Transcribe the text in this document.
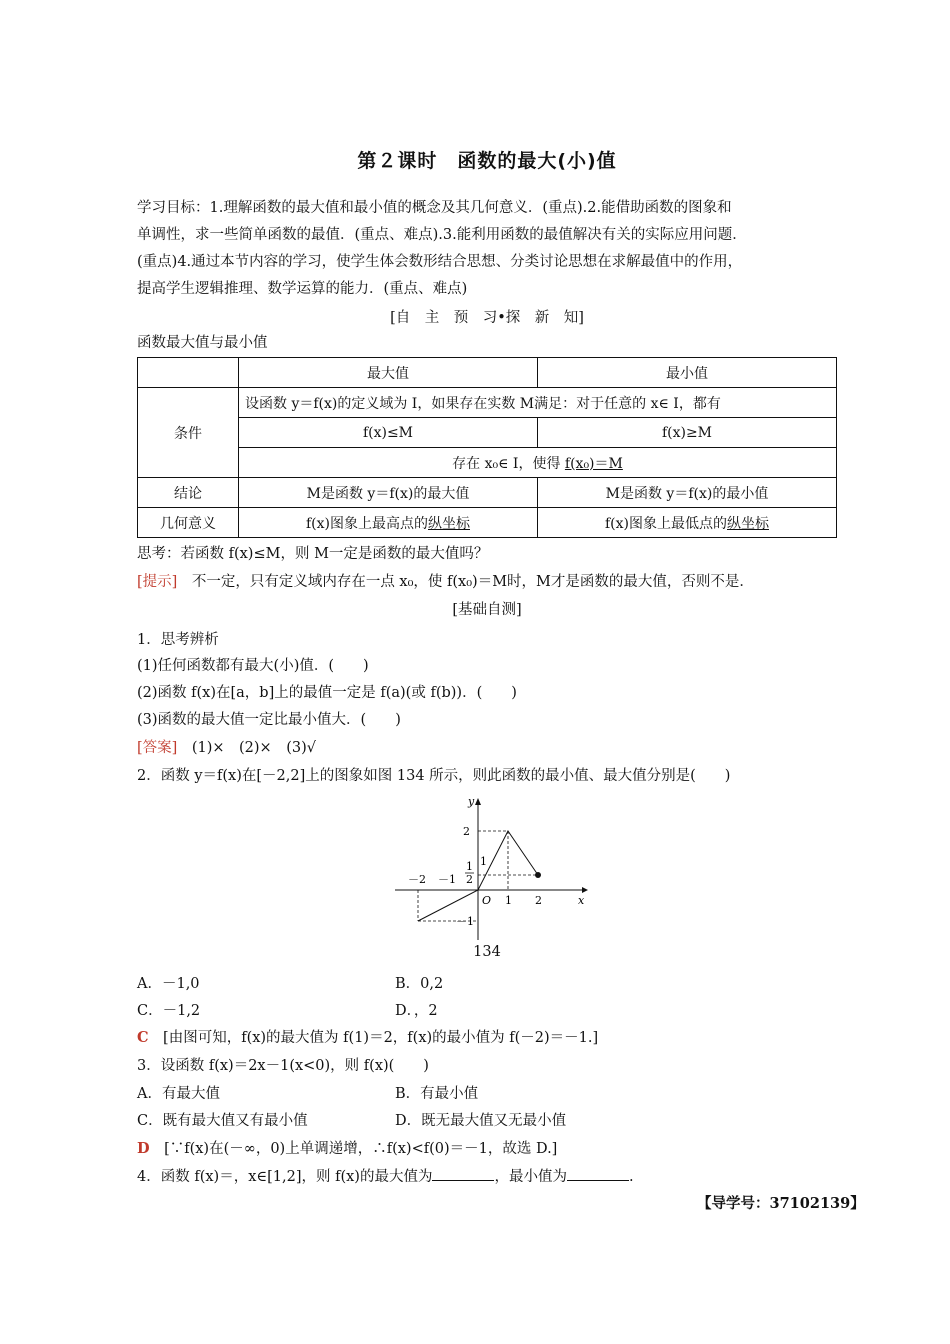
第２课时　函数的最大(小)值
学习目标：1.理解函数的最大值和最小值的概念及其几何意义．(重点).2.能借助函数的图象和
单调性，求一些简单函数的最值．(重点、难点).3.能利用函数的最值解决有关的实际应用问题．
(重点)4.通过本节内容的学习，使学生体会数形结合思想、分类讨论思想在求解最值中的作用，
提高学生逻辑推理、数学运算的能力．(重点、难点)
[自　主　预　习•探　新　知]
函数最大值与最小值
	最大值	最小值
条件	设函数 y＝f(x)的定义域为 I，如果存在实数 M满足：对于任意的 x∈ I，都有	
	f(x)≤M	f(x)≥M
	存在 x₀∈ I，使得 f(x₀)＝M	
结论	M是函数 y＝f(x)的最大值	M是函数 y＝f(x)的最小值
几何意义	f(x)图象上最高点的纵坐标	f(x)图象上最低点的纵坐标
思考：若函数 f(x)≤M，则 M一定是函数的最大值吗？
[提示]　不一定，只有定义域内存在一点 x₀，使 f(x₀)＝M时，M才是函数的最大值，否则不是．
[基础自测]
1．思考辨析
(1)任何函数都有最大(小)值．(　　)
(2)函数 f(x)在[a，b]上的最值一定是 f(a)(或 f(b))．(　　)
(3)函数的最大值一定比最小值大．(　　)
[答案]　(1)×　(2)×　(3)√
2．函数 y＝f(x)在[－2,2]上的图象如图 134 所示，则此函数的最小值、最大值分别是(　　)
y
x
O
－2 －1
1 2
2
1
1
2
－1
134
A．－1,0	B．0,2
C．－1,2	D．，2
C　[由图可知，f(x)的最大值为 f(1)＝2，f(x)的最小值为 f(－2)＝－1.]
3．设函数 f(x)＝2x－1(x<0)，则 f(x)(　　)
A．有最大值	B．有最小值
C．既有最大值又有最小值	D．既无最大值又无最小值
D　[∵f(x)在(－∞，0)上单调递增，∴f(x)<f(0)＝－1，故选 D.]
4．函数 f(x)＝，x∈[1,2]，则 f(x)的最大值为	，最小值为	.
【导学号：37102139】
